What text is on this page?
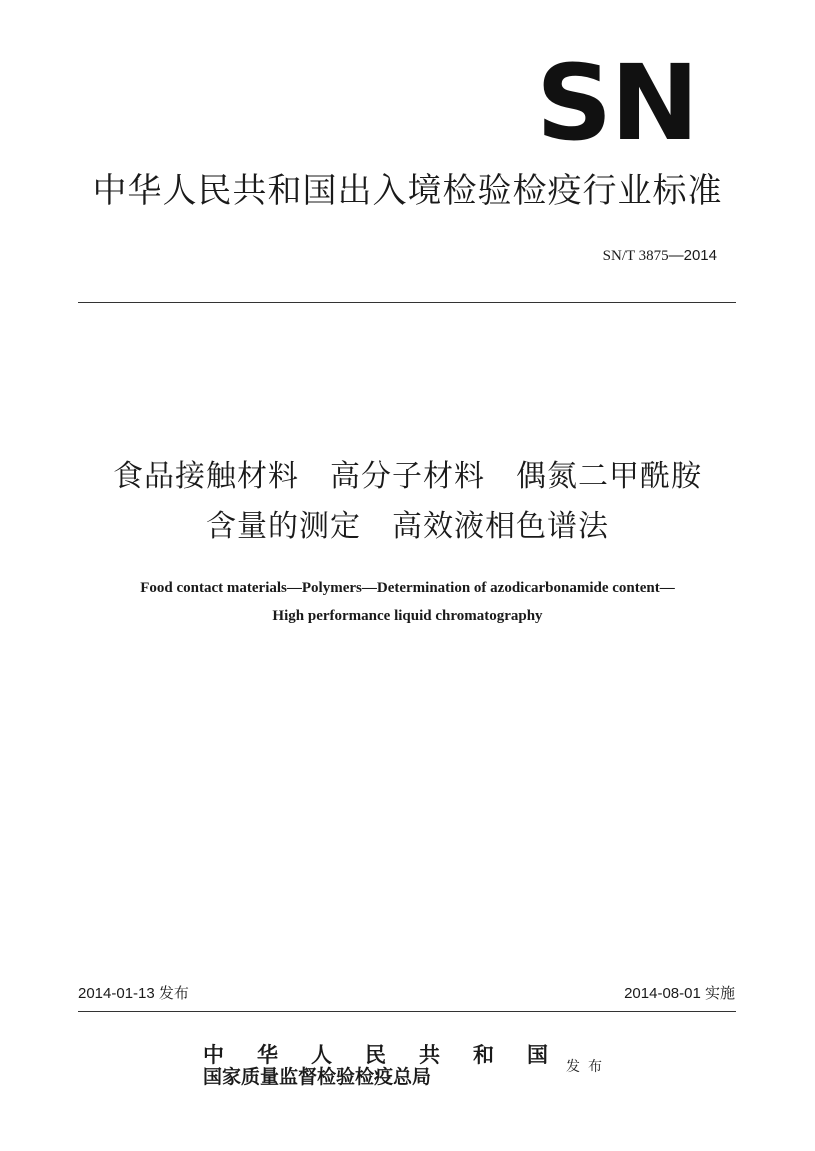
SN
中华人民共和国出入境检验检疫行业标准
SN/T 3875—2014
食品接触材料　高分子材料　偶氮二甲酰胺
含量的测定　高效液相色谱法
Food contact materials—Polymers—Determination of azodicarbonamide content—
High performance liquid chromatography
2014-01-13 发布	2014-08-01 实施
中 华 人 民 共 和 国
国家质量监督检验检疫总局	发布
